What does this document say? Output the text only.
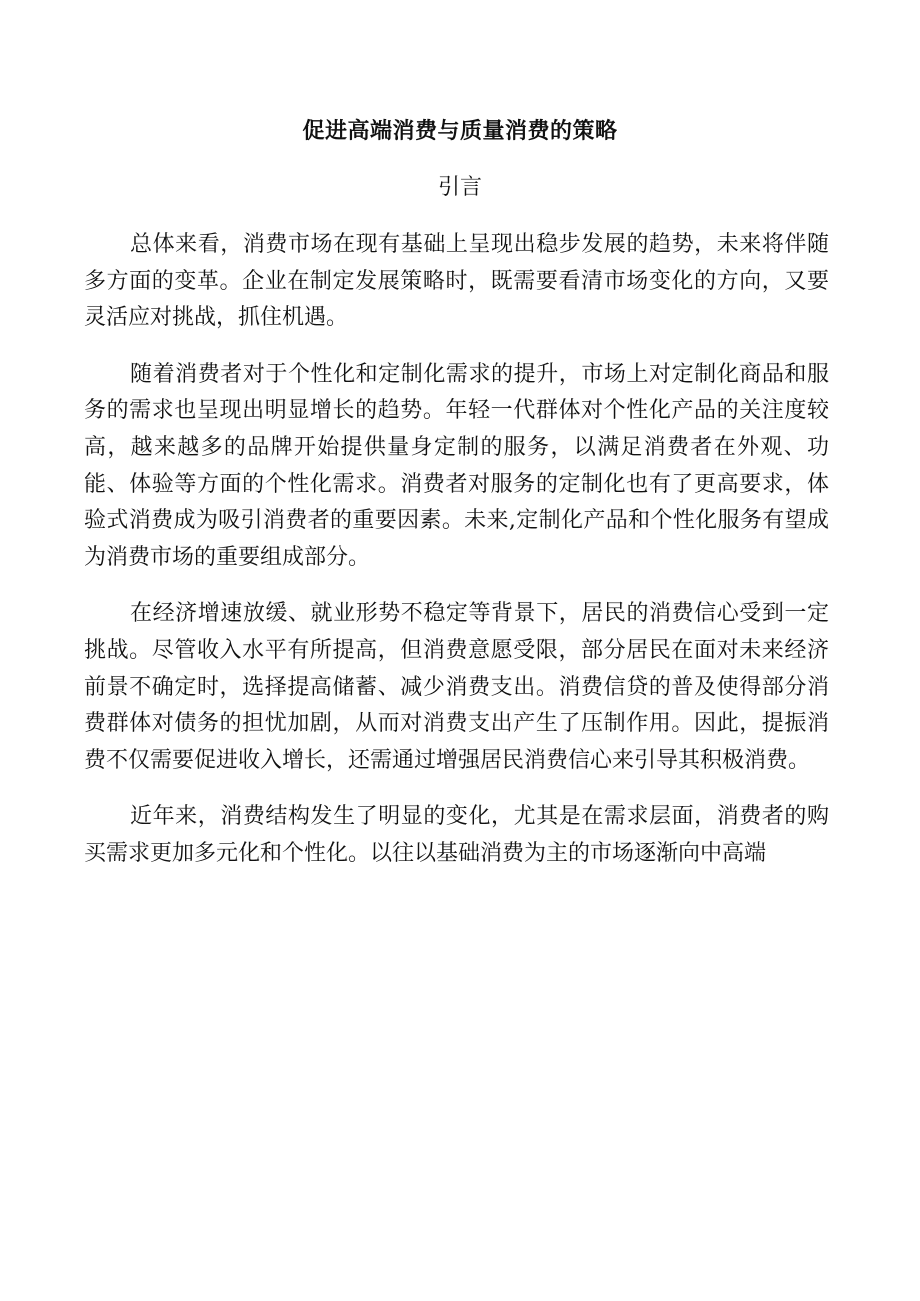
促进高端消费与质量消费的策略
引言

总体来看，消费市场在现有基础上呈现出稳步发展的趋势，未来将伴随多方面的变革。企业在制定发展策略时，既需要看清市场变化的方向，又要灵活应对挑战，抓住机遇。

随着消费者对于个性化和定制化需求的提升，市场上对定制化商品和服务的需求也呈现出明显增长的趋势。年轻一代群体对个性化产品的关注度较高，越来越多的品牌开始提供量身定制的服务，以满足消费者在外观、功能、体验等方面的个性化需求。消费者对服务的定制化也有了更高要求，体验式消费成为吸引消费者的重要因素。未来,定制化产品和个性化服务有望成为消费市场的重要组成部分。

在经济增速放缓、就业形势不稳定等背景下，居民的消费信心受到一定挑战。尽管收入水平有所提高，但消费意愿受限，部分居民在面对未来经济前景不确定时，选择提高储蓄、减少消费支出。消费信贷的普及使得部分消费群体对债务的担忧加剧，从而对消费支出产生了压制作用。因此，提振消费不仅需要促进收入增长，还需通过增强居民消费信心来引导其积极消费。

近年来，消费结构发生了明显的变化，尤其是在需求层面，消费者的购买需求更加多元化和个性化。以往以基础消费为主的市场逐渐向中高端
